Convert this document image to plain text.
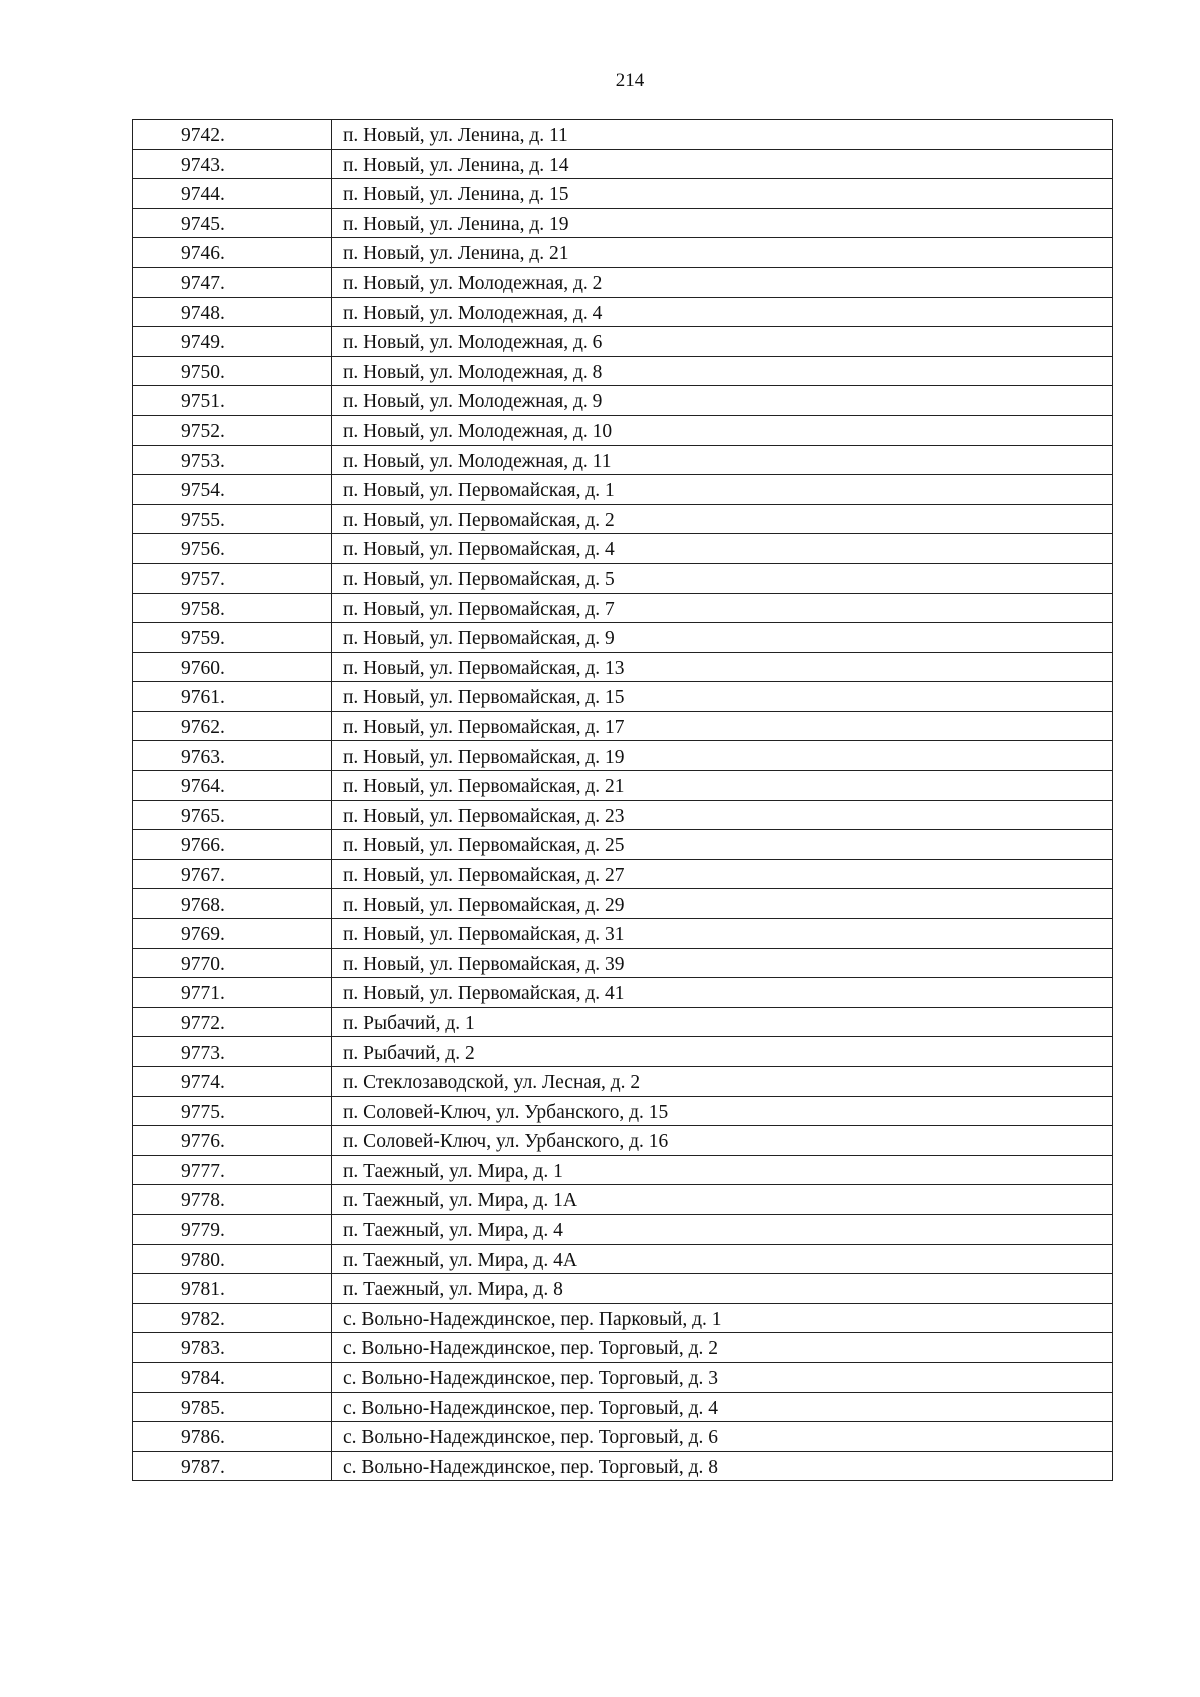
214
9742.	п. Новый, ул. Ленина, д. 11
9743.	п. Новый, ул. Ленина, д. 14
9744.	п. Новый, ул. Ленина, д. 15
9745.	п. Новый, ул. Ленина, д. 19
9746.	п. Новый, ул. Ленина, д. 21
9747.	п. Новый, ул. Молодежная, д. 2
9748.	п. Новый, ул. Молодежная, д. 4
9749.	п. Новый, ул. Молодежная, д. 6
9750.	п. Новый, ул. Молодежная, д. 8
9751.	п. Новый, ул. Молодежная, д. 9
9752.	п. Новый, ул. Молодежная, д. 10
9753.	п. Новый, ул. Молодежная, д. 11
9754.	п. Новый, ул. Первомайская, д. 1
9755.	п. Новый, ул. Первомайская, д. 2
9756.	п. Новый, ул. Первомайская, д. 4
9757.	п. Новый, ул. Первомайская, д. 5
9758.	п. Новый, ул. Первомайская, д. 7
9759.	п. Новый, ул. Первомайская, д. 9
9760.	п. Новый, ул. Первомайская, д. 13
9761.	п. Новый, ул. Первомайская, д. 15
9762.	п. Новый, ул. Первомайская, д. 17
9763.	п. Новый, ул. Первомайская, д. 19
9764.	п. Новый, ул. Первомайская, д. 21
9765.	п. Новый, ул. Первомайская, д. 23
9766.	п. Новый, ул. Первомайская, д. 25
9767.	п. Новый, ул. Первомайская, д. 27
9768.	п. Новый, ул. Первомайская, д. 29
9769.	п. Новый, ул. Первомайская, д. 31
9770.	п. Новый, ул. Первомайская, д. 39
9771.	п. Новый, ул. Первомайская, д. 41
9772.	п. Рыбачий, д. 1
9773.	п. Рыбачий, д. 2
9774.	п. Стеклозаводской, ул. Лесная, д. 2
9775.	п. Соловей-Ключ, ул. Урбанского, д. 15
9776.	п. Соловей-Ключ, ул. Урбанского, д. 16
9777.	п. Таежный, ул. Мира, д. 1
9778.	п. Таежный, ул. Мира, д. 1А
9779.	п. Таежный, ул. Мира, д. 4
9780.	п. Таежный, ул. Мира, д. 4А
9781.	п. Таежный, ул. Мира, д. 8
9782.	с. Вольно-Надеждинское, пер. Парковый, д. 1
9783.	с. Вольно-Надеждинское, пер. Торговый, д. 2
9784.	с. Вольно-Надеждинское, пер. Торговый, д. 3
9785.	с. Вольно-Надеждинское, пер. Торговый, д. 4
9786.	с. Вольно-Надеждинское, пер. Торговый, д. 6
9787.	с. Вольно-Надеждинское, пер. Торговый, д. 8
